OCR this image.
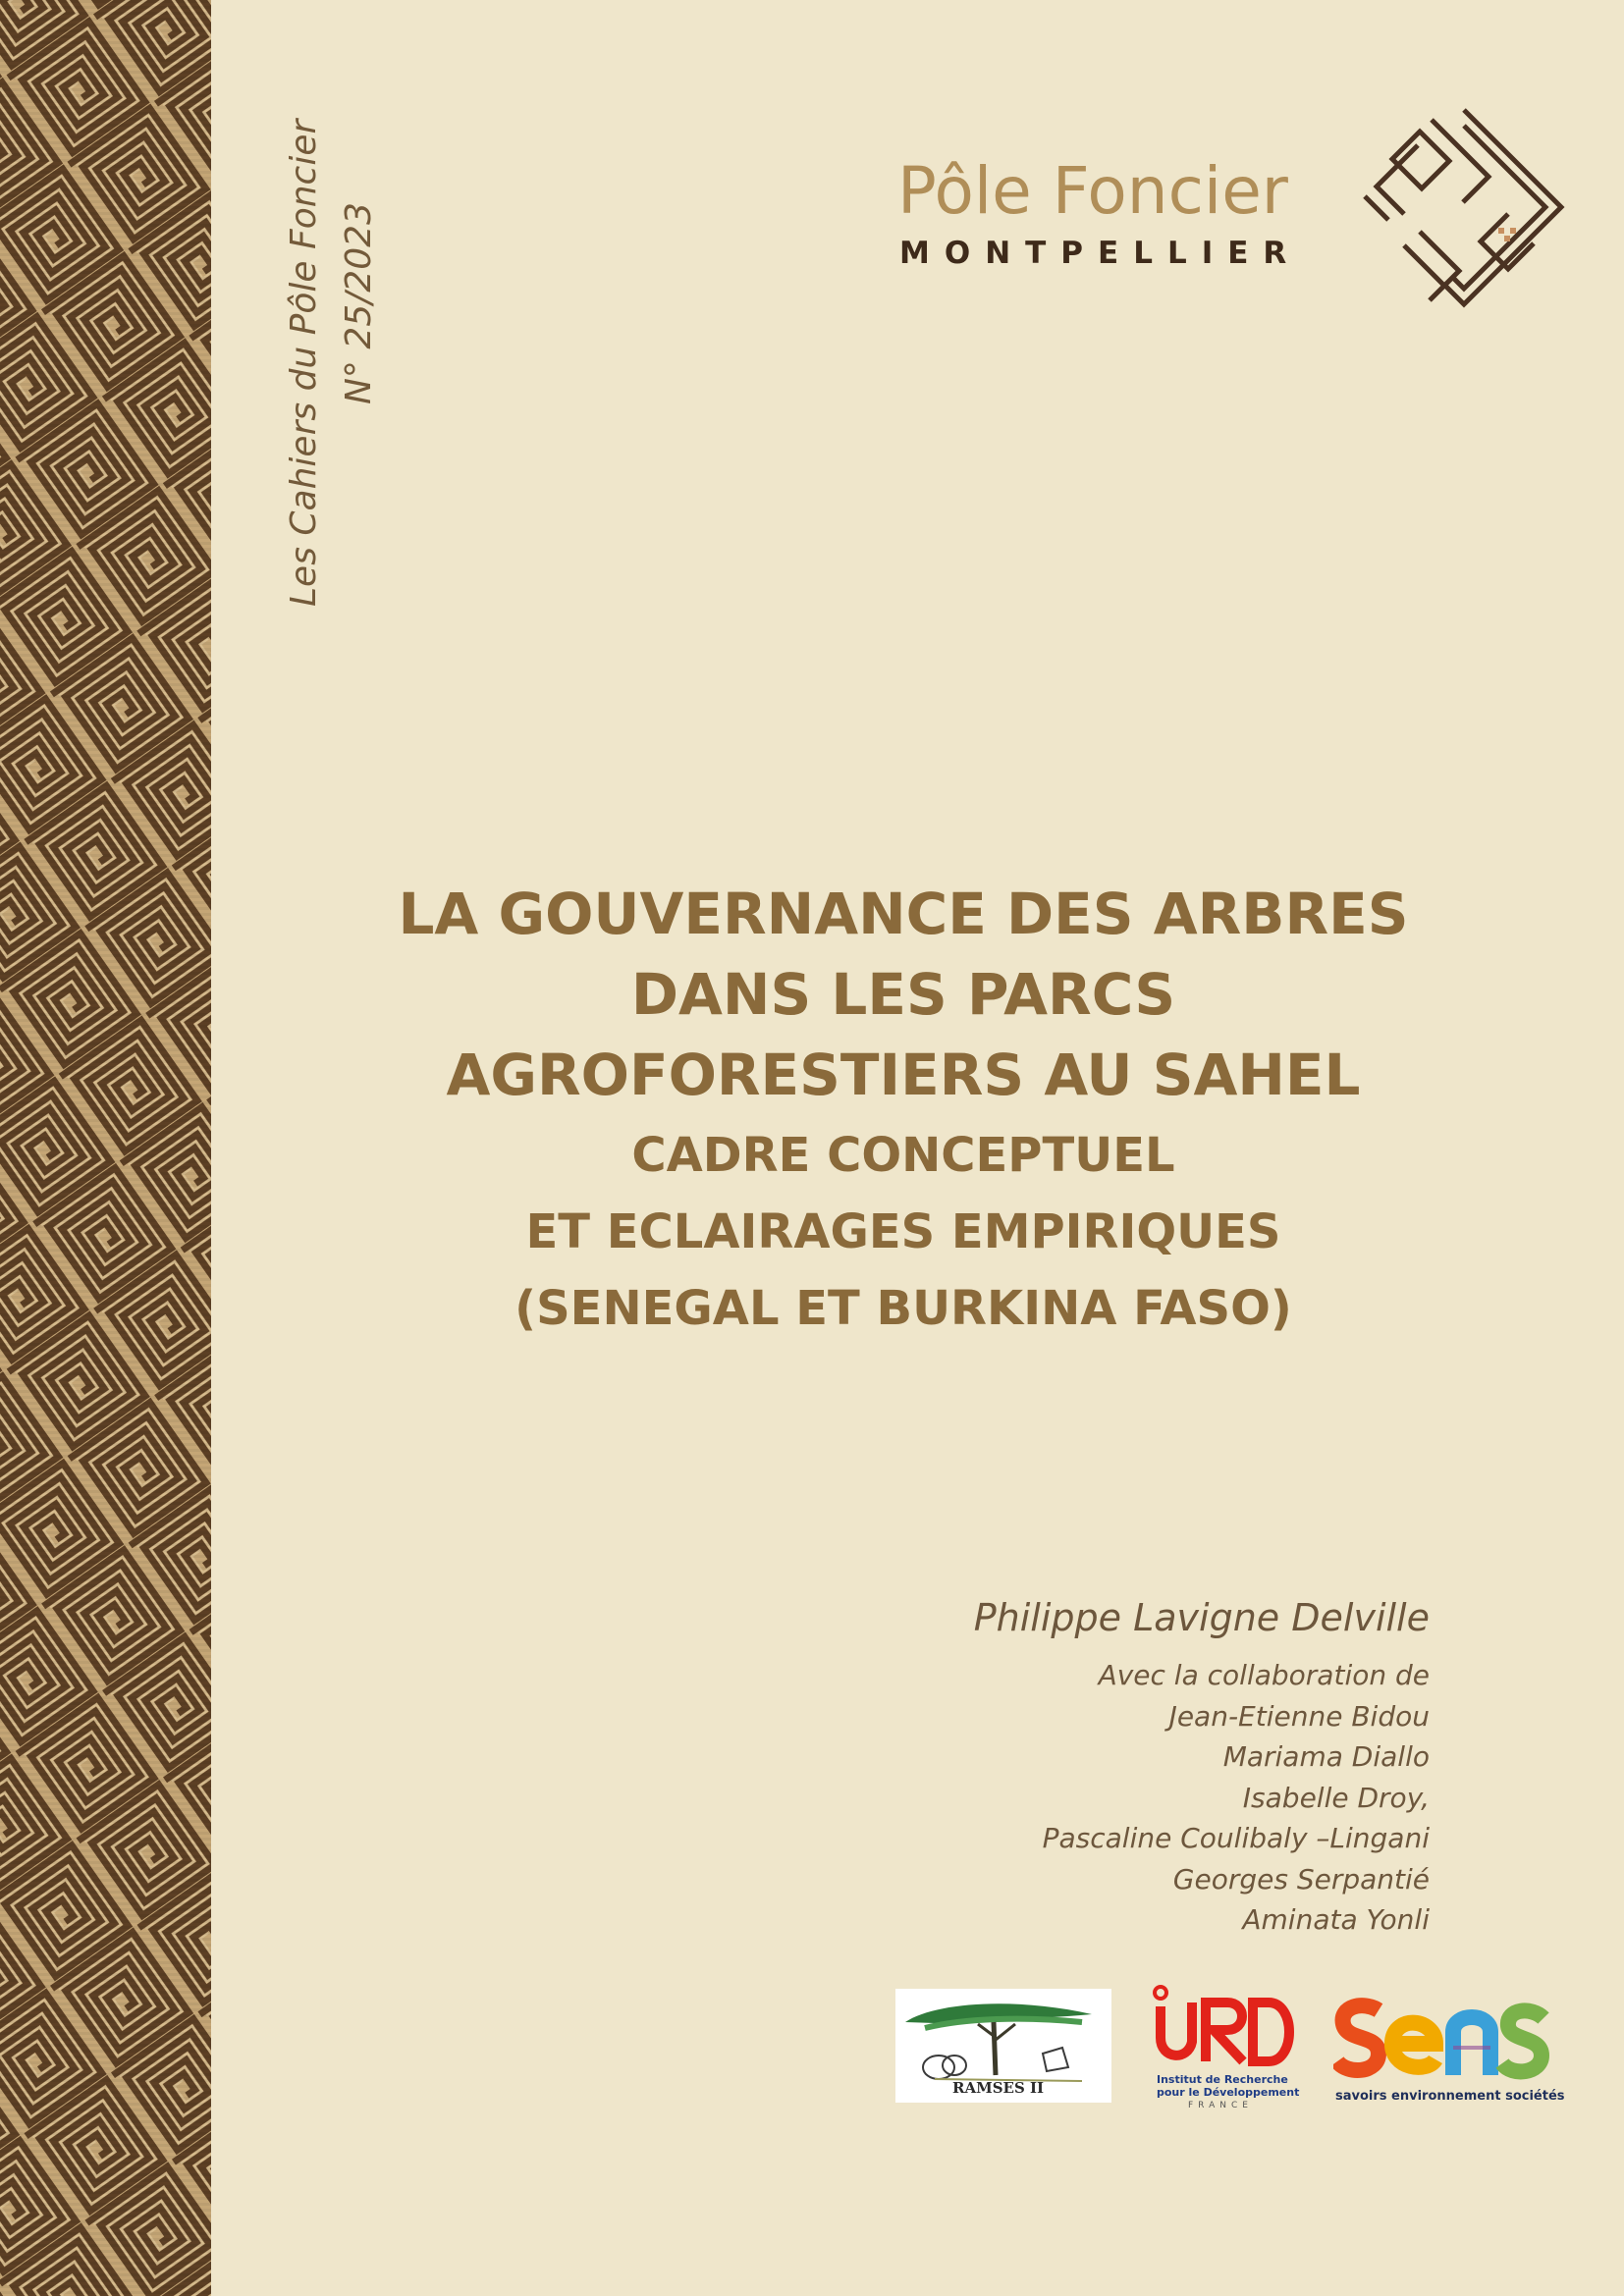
Les Cahiers du Pôle Foncier N° 25/2023
Pôle Foncier
MONTPELLIER
LA GOUVERNANCE DES ARBRES
DANS LES PARCS
AGROFORESTIERS AU SAHEL
CADRE CONCEPTUEL
ET ECLAIRAGES EMPIRIQUES
(SENEGAL ET BURKINA FASO)
Philippe Lavigne Delville
Avec la collaboration de
Jean-Etienne Bidou
Mariama Diallo
Isabelle Droy,
Pascaline Coulibaly –Lingani
Georges Serpantié
Aminata Yonli
RAMSES II	Institut de Recherche pour le Développement
FRANCE
savoirs environnement sociétés
